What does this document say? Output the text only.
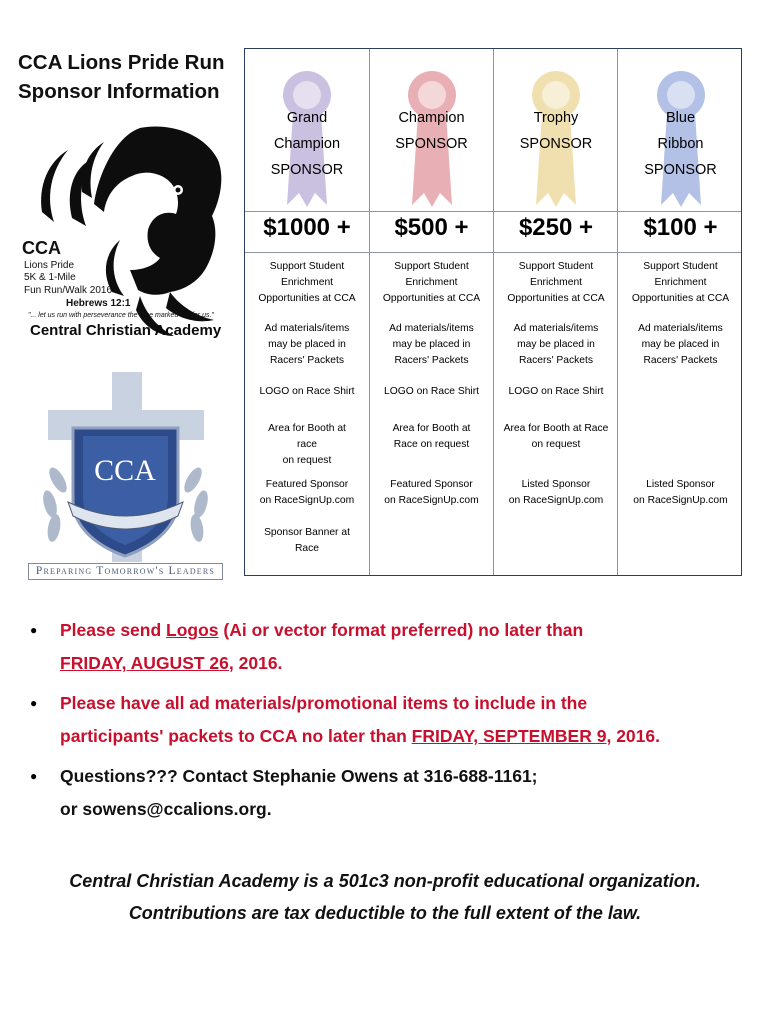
CCA Lions Pride Run
Sponsor Information
CCA
Lions Pride
5K & 1-Mile
Fun Run/Walk 2016
Hebrews 12:1
"... let us run with perseverance the race marked out for us."
Central Christian Academy
CCA
Preparing Tomorrow's Leaders
Grand
Champion
SPONSOR
$1000 +
Support Student
Enrichment
Opportunities at CCA
Ad materials/items
may be placed in
Racers' Packets
LOGO on Race Shirt
Area for Booth at
race
on request
Featured Sponsor
on RaceSignUp.com
Sponsor Banner at
Race
Champion
SPONSOR
$500 +
Support Student
Enrichment
Opportunities at CCA
Ad materials/items
may be placed in
Racers' Packets
LOGO on Race Shirt
Area for Booth at
Race on request
Featured Sponsor
on RaceSignUp.com
Trophy
SPONSOR
$250 +
Support Student
Enrichment
Opportunities at CCA
Ad materials/items
may be placed in
Racers' Packets
LOGO on Race Shirt
Area for Booth at Race
on request
Listed Sponsor
on RaceSignUp.com
Blue
Ribbon
SPONSOR
$100 +
Support Student
Enrichment
Opportunities at CCA
Ad materials/items
may be placed in
Racers' Packets
Listed Sponsor
on RaceSignUp.com
● Please send Logos (Ai or vector format preferred) no later than
FRIDAY, AUGUST 26, 2016.
● Please have all ad materials/promotional items to include in the
participants' packets to CCA no later than FRIDAY, SEPTEMBER 9, 2016.
● Questions??? Contact Stephanie Owens at 316-688-1161;
or sowens@ccalions.org.
Central Christian Academy is a 501c3 non-profit educational organization.
Contributions are tax deductible to the full extent of the law.
